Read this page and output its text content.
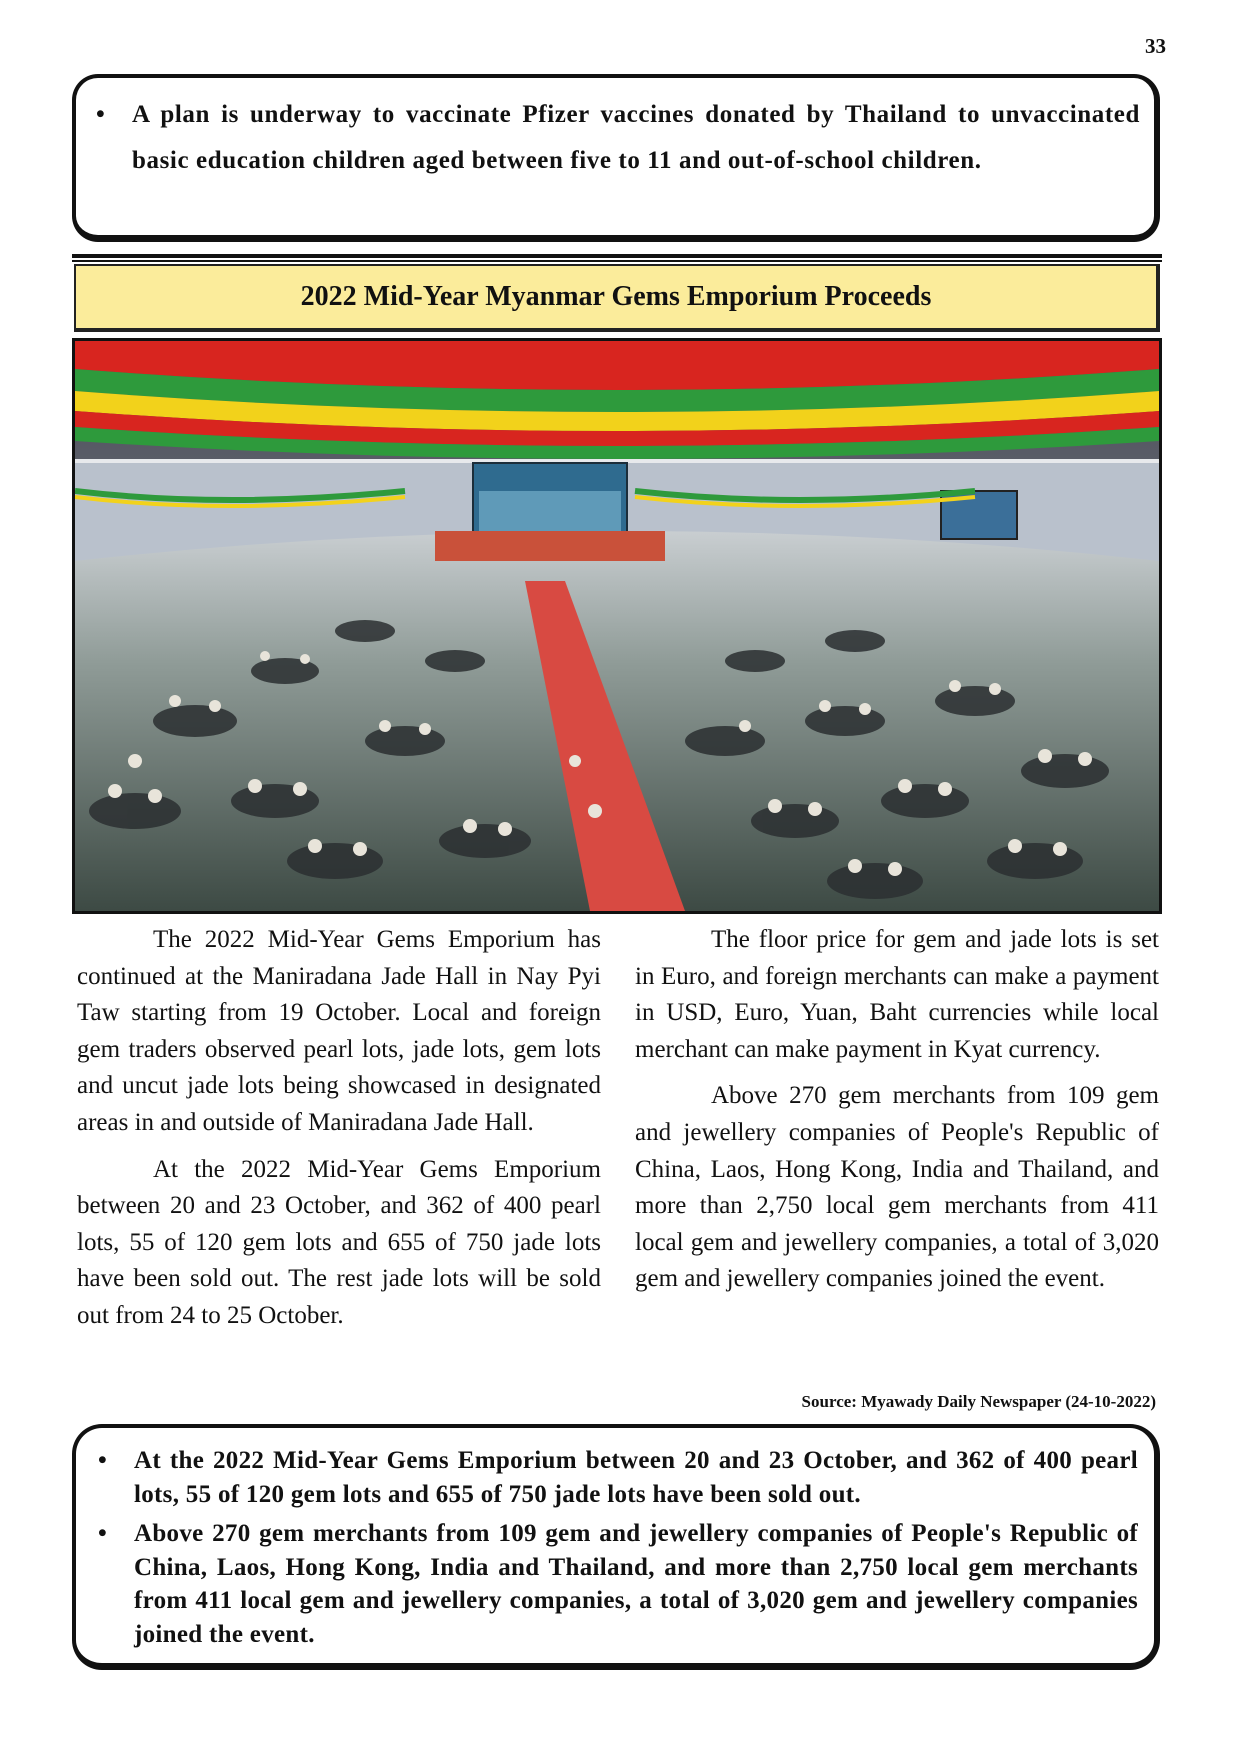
33
• A plan is underway to vaccinate Pfizer vaccines donated by Thailand to unvaccinated basic education children aged between five to 11 and out-of-school children.
2022 Mid-Year Myanmar Gems Emporium Proceeds

The 2022 Mid-Year Gems Emporium has continued at the Maniradana Jade Hall in Nay Pyi Taw starting from 19 October. Local and foreign gem traders observed pearl lots, jade lots, gem lots and uncut jade lots being showcased in designated areas in and outside of Maniradana Jade Hall.

At the 2022 Mid-Year Gems Emporium between 20 and 23 October, and 362 of 400 pearl lots, 55 of 120 gem lots and 655 of 750 jade lots have been sold out. The rest jade lots will be sold out from 24 to 25 October.

The floor price for gem and jade lots is set in Euro, and foreign merchants can make a payment in USD, Euro, Yuan, Baht currencies while local merchant can make payment in Kyat currency.

Above 270 gem merchants from 109 gem and jewellery companies of People's Republic of China, Laos, Hong Kong, India and Thailand, and more than 2,750 local gem merchants from 411 local gem and jewellery companies, a total of 3,020 gem and jewellery companies joined the event.

Source: Myawady Daily Newspaper (24-10-2022)
• At the 2022 Mid-Year Gems Emporium between 20 and 23 October, and 362 of 400 pearl lots, 55 of 120 gem lots and 655 of 750 jade lots have been sold out.
• Above 270 gem merchants from 109 gem and jewellery companies of People's Republic of China, Laos, Hong Kong, India and Thailand, and more than 2,750 local gem merchants from 411 local gem and jewellery companies, a total of 3,020 gem and jewellery companies joined the event.
